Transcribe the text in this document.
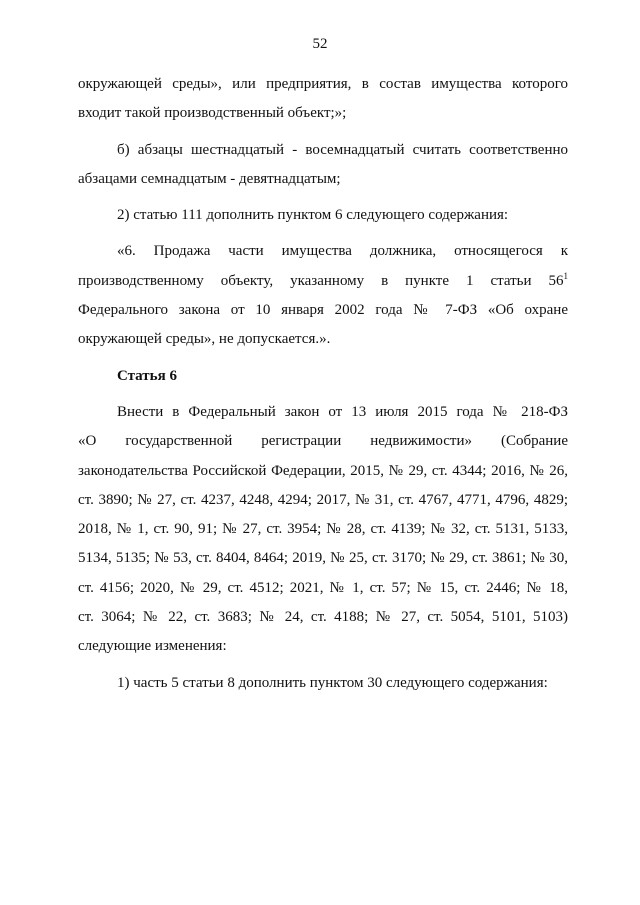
52
окружающей среды», или предприятия, в состав имущества которого
входит такой производственный объект;»;
б) абзацы шестнадцатый - восемнадцатый считать соответственно
абзацами семнадцатым - девятнадцатым;
2) статью 111 дополнить пунктом 6 следующего содержания:
«6. Продажа части имущества должника, относящегося к
производственному объекту, указанному в пункте 1 статьи $56^1$
Федерального закона от 10 января 2002 года № 7-ФЗ «Об охране
окружающей среды», не допускается.».
Статья 6
Внести в Федеральный закон от 13 июля 2015 года № 218-ФЗ
«О государственной регистрации недвижимости» (Собрание
законодательства Российской Федерации, 2015, № 29, ст. 4344; 2016, № 26,
ст. 3890; № 27, ст. 4237, 4248, 4294; 2017, № 31, ст. 4767, 4771, 4796, 4829;
2018, № 1, ст. 90, 91; № 27, ст. 3954; № 28, ст. 4139; № 32, ст. 5131, 5133,
5134, 5135; № 53, ст. 8404, 8464; 2019, № 25, ст. 3170; № 29, ст. 3861; № 30,
ст. 4156; 2020, № 29, ст. 4512; 2021, № 1, ст. 57; № 15, ст. 2446; № 18,
ст. 3064; № 22, ст. 3683; № 24, ст. 4188; № 27, ст. 5054, 5101, 5103)
следующие изменения:
1) часть 5 статьи 8 дополнить пунктом 30 следующего содержания:
